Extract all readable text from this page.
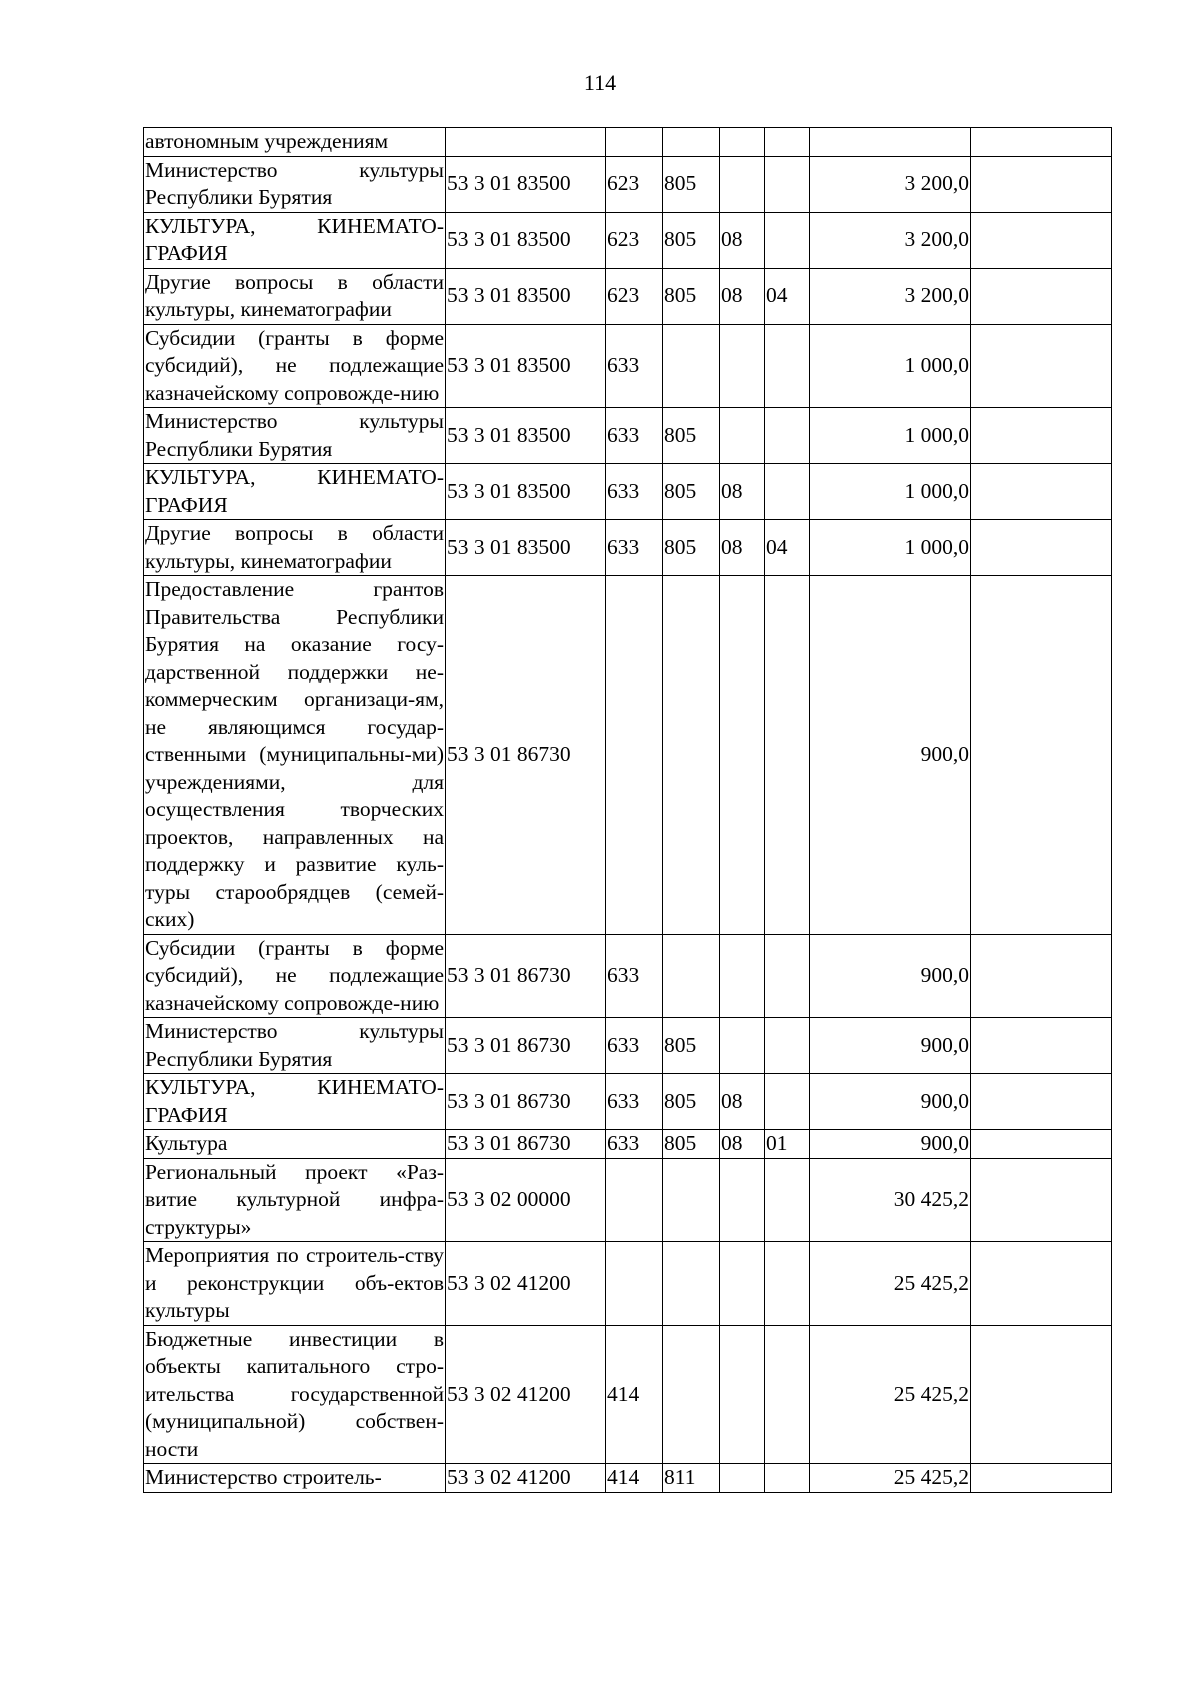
114
автономным учреждениям							
Министерство культуры Республики Бурятия	53 3 01 83500	623	805			3 200,0	
КУЛЬТУРА, КИНЕМАТО-ГРАФИЯ	53 3 01 83500	623	805	08		3 200,0	
Другие вопросы в области культуры, кинематографии	53 3 01 83500	623	805	08	04	3 200,0	
Субсидии (гранты в форме субсидий), не подлежащие казначейскому сопровожде-нию	53 3 01 83500	633				1 000,0	
Министерство культуры Республики Бурятия	53 3 01 83500	633	805			1 000,0	
КУЛЬТУРА, КИНЕМАТО-ГРАФИЯ	53 3 01 83500	633	805	08		1 000,0	
Другие вопросы в области культуры, кинематографии	53 3 01 83500	633	805	08	04	1 000,0	
Предоставление грантов Правительства Республики Бурятия на оказание госу-дарственной поддержки не-коммерческим организаци-ям, не являющимся государ-ственными (муниципальны-ми) учреждениями, для осуществления творческих проектов, направленных на поддержку и развитие куль-туры старообрядцев (семей-ских)	53 3 01 86730					900,0	
Субсидии (гранты в форме субсидий), не подлежащие казначейскому сопровожде-нию	53 3 01 86730	633				900,0	
Министерство культуры Республики Бурятия	53 3 01 86730	633	805			900,0	
КУЛЬТУРА, КИНЕМАТО-ГРАФИЯ	53 3 01 86730	633	805	08		900,0	
Культура	53 3 01 86730	633	805	08	01	900,0	
Региональный проект «Раз-витие культурной инфра-структуры»	53 3 02 00000					30 425,2	
Мероприятия по строитель-ству и реконструкции объ-ектов культуры	53 3 02 41200					25 425,2	
Бюджетные инвестиции в объекты капитального стро-ительства государственной (муниципальной) собствен-ности	53 3 02 41200	414				25 425,2	
Министерство строитель-	53 3 02 41200	414	811			25 425,2	
